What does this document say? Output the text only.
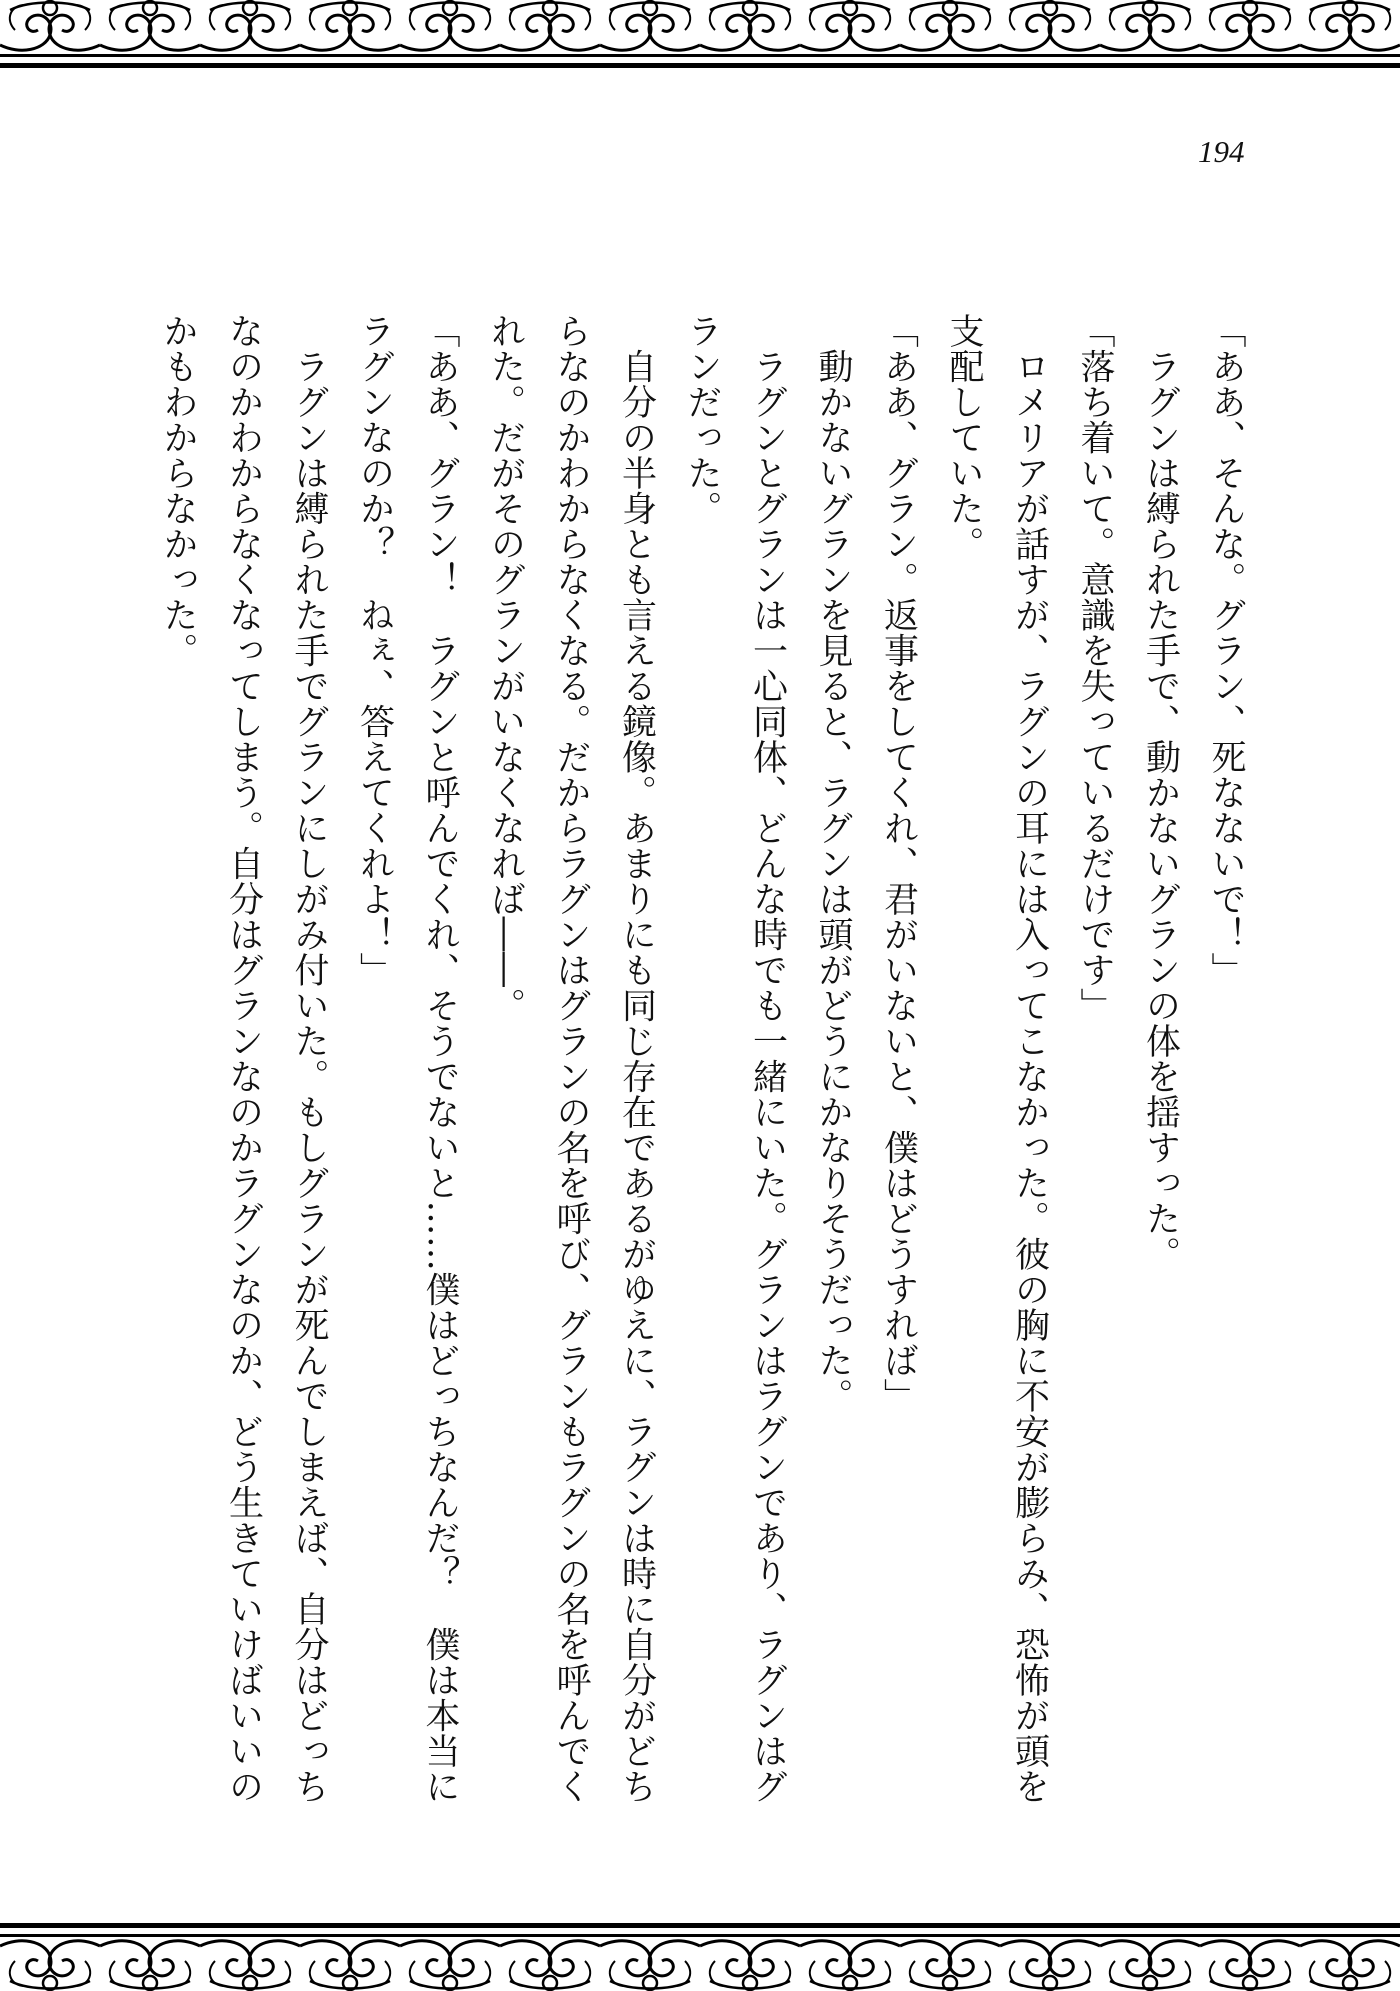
194
「ああ、そんな。グラン、死なないで！」
　ラグンは縛られた手で、動かないグランの体を揺すった。
「落ち着いて。意識を失っているだけです」
　ロメリアが話すが、ラグンの耳には入ってこなかった。彼の胸に不安が膨らみ、恐怖が頭を
支配していた。
「ああ、グラン。返事をしてくれ、君がいないと、僕はどうすれば」
　動かないグランを見ると、ラグンは頭がどうにかなりそうだった。
　ラグンとグランは一心同体、どんな時でも一緒にいた。グランはラグンであり、ラグンはグ
ランだった。
　自分の半身とも言える鏡像。あまりにも同じ存在であるがゆえに、ラグンは時に自分がどち
らなのかわからなくなる。だからラグンはグランの名を呼び、グランもラグンの名を呼んでく
れた。だがそのグランがいなくなれば――。
「ああ、グラン！　ラグンと呼んでくれ、そうでないと……僕はどっちなんだ？　僕は本当に
ラグンなのか？　ねぇ、答えてくれよ！」
　ラグンは縛られた手でグランにしがみ付いた。もしグランが死んでしまえば、自分はどっち
なのかわからなくなってしまう。自分はグランなのかラグンなのか、どう生きていけばいいの
かもわからなかった。
